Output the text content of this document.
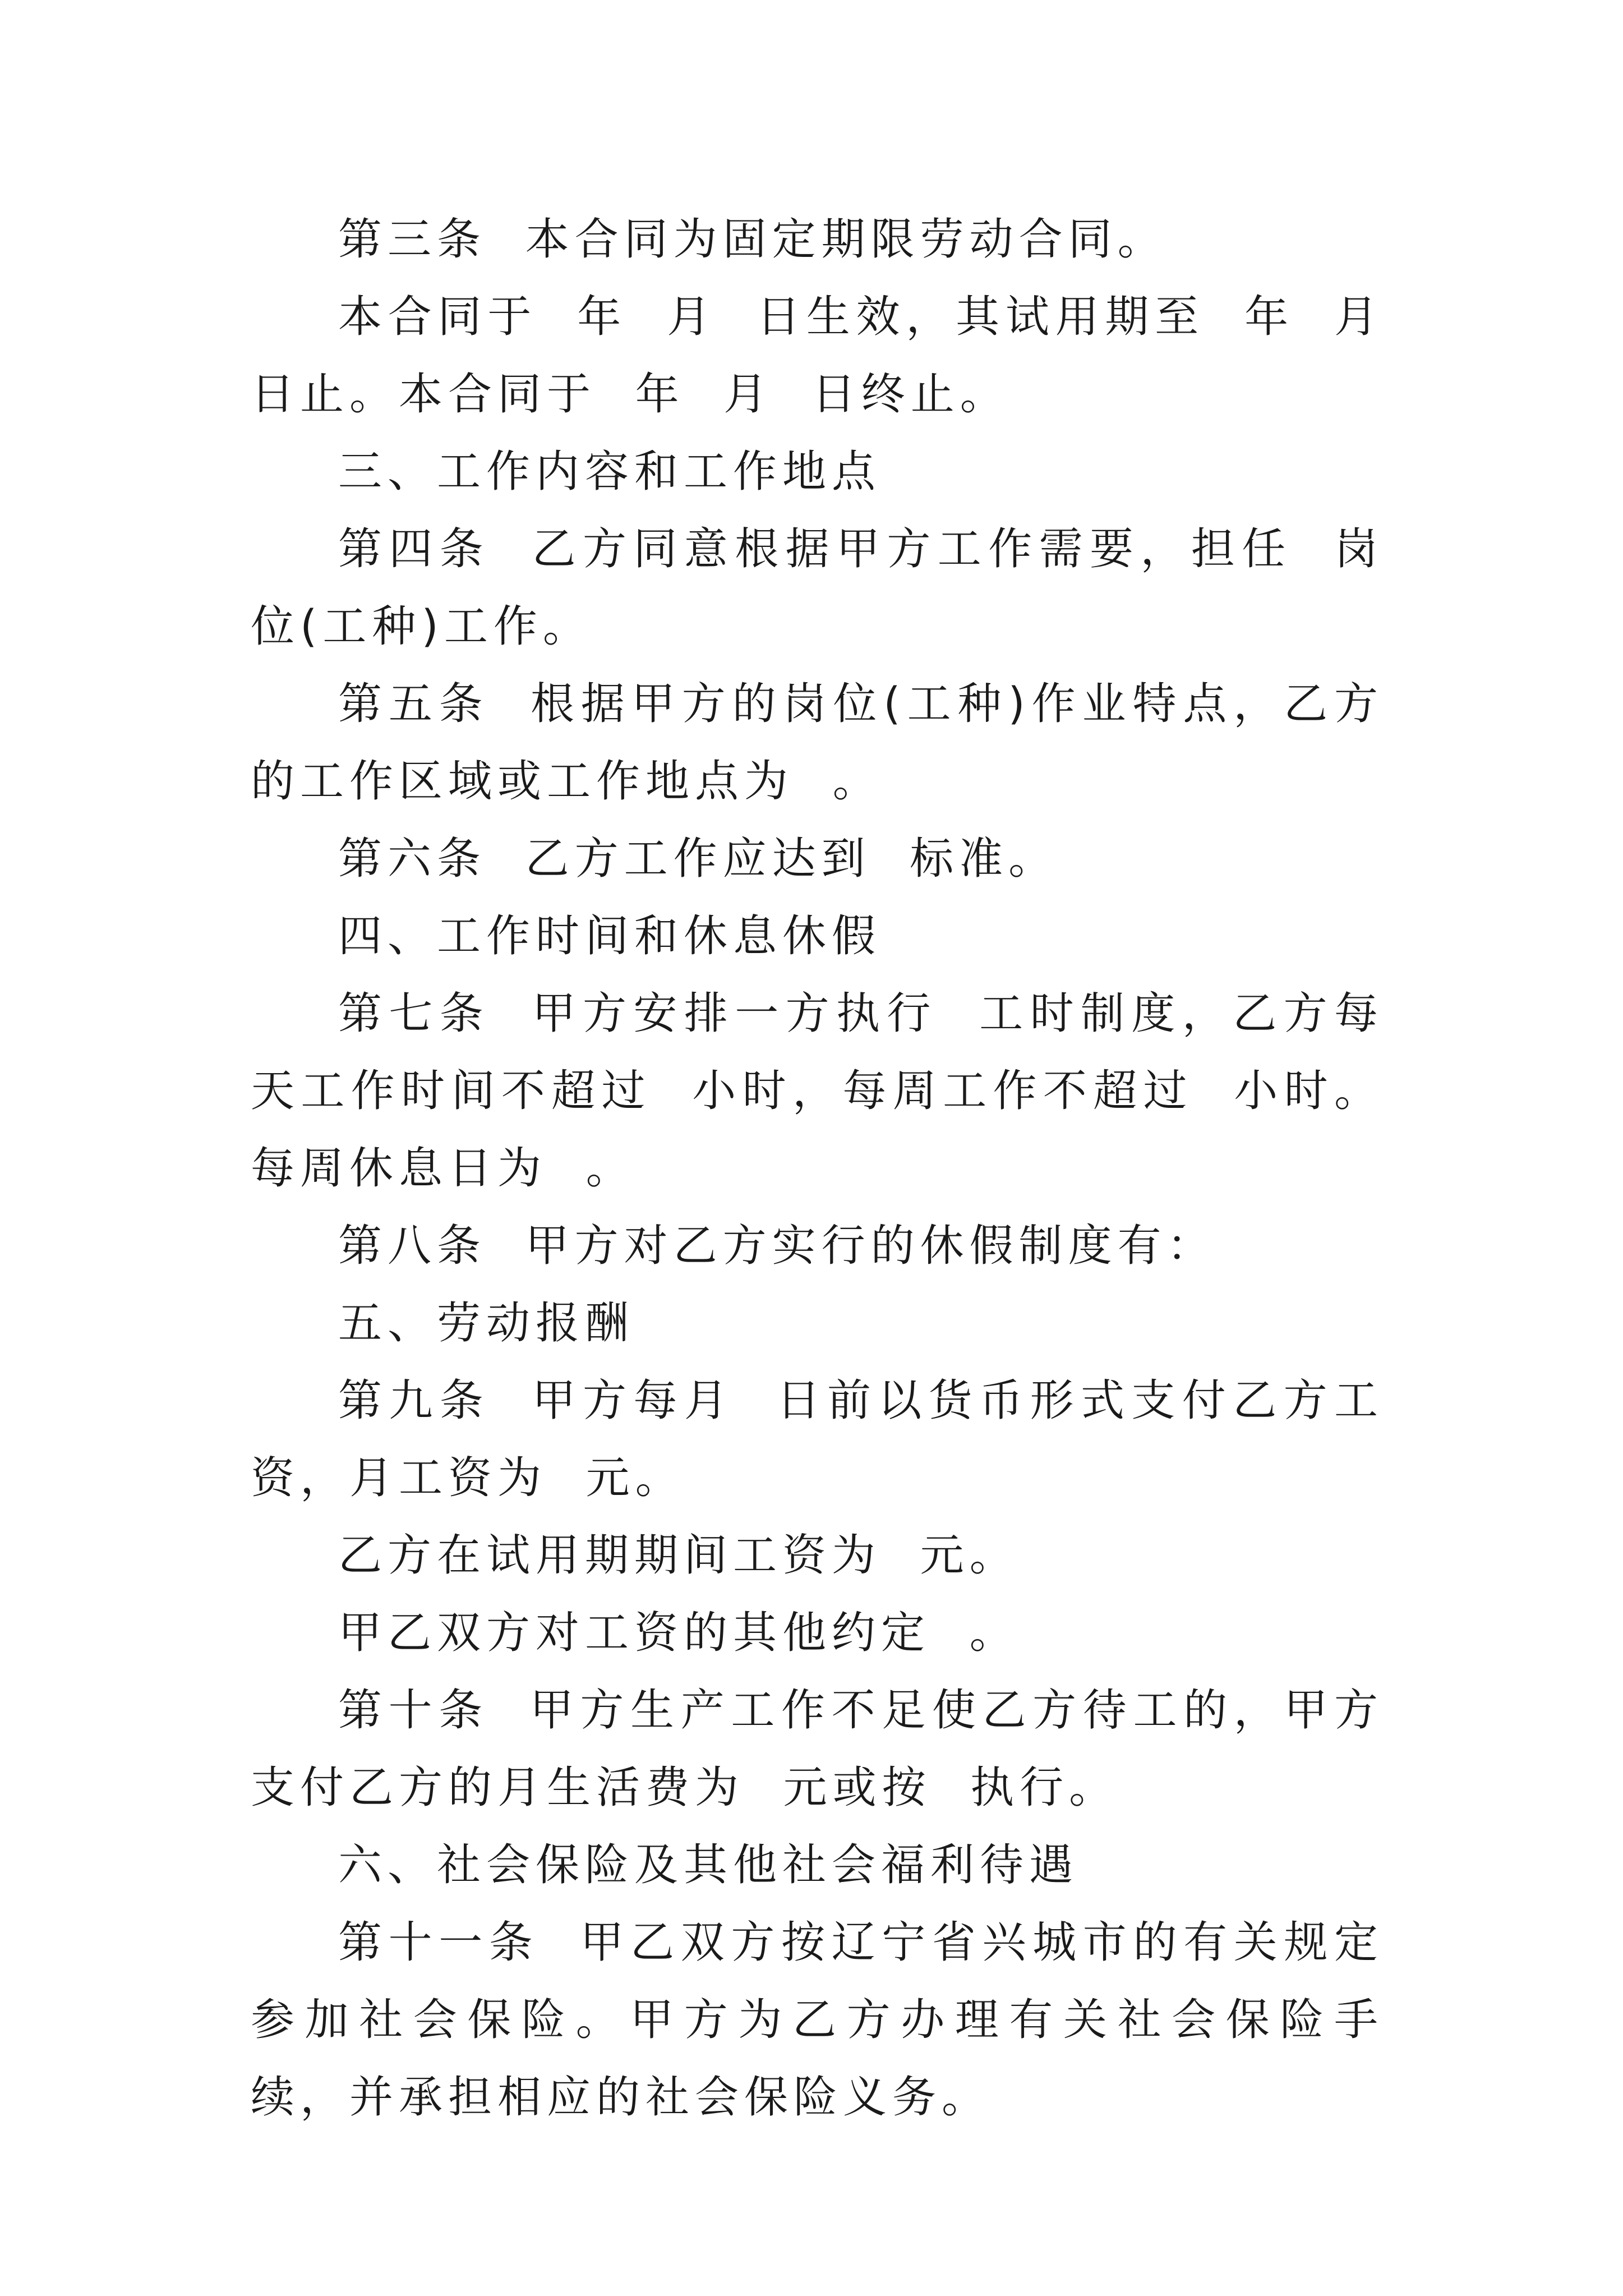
第三条  本合同为固定期限劳动合同。

本合同于  年  月  日生效，其试用期至  年  月  日止。本合同于  年  月  日终止。

三、工作内容和工作地点

第四条  乙方同意根据甲方工作需要，担任  岗位(工种)工作。

第五条  根据甲方的岗位(工种)作业特点，乙方的工作区域或工作地点为  。

第六条  乙方工作应达到  标准。

四、工作时间和休息休假

第七条  甲方安排一方执行  工时制度，乙方每天工作时间不超过  小时，每周工作不超过  小时。每周休息日为  。

第八条  甲方对乙方实行的休假制度有：

五、劳动报酬

第九条  甲方每月  日前以货币形式支付乙方工资，月工资为  元。

乙方在试用期期间工资为  元。

甲乙双方对工资的其他约定  。

第十条  甲方生产工作不足使乙方待工的，甲方支付乙方的月生活费为  元或按  执行。

六、社会保险及其他社会福利待遇

第十一条  甲乙双方按辽宁省兴城市的有关规定参加社会保险。甲方为乙方办理有关社会保险手续，并承担相应的社会保险义务。
